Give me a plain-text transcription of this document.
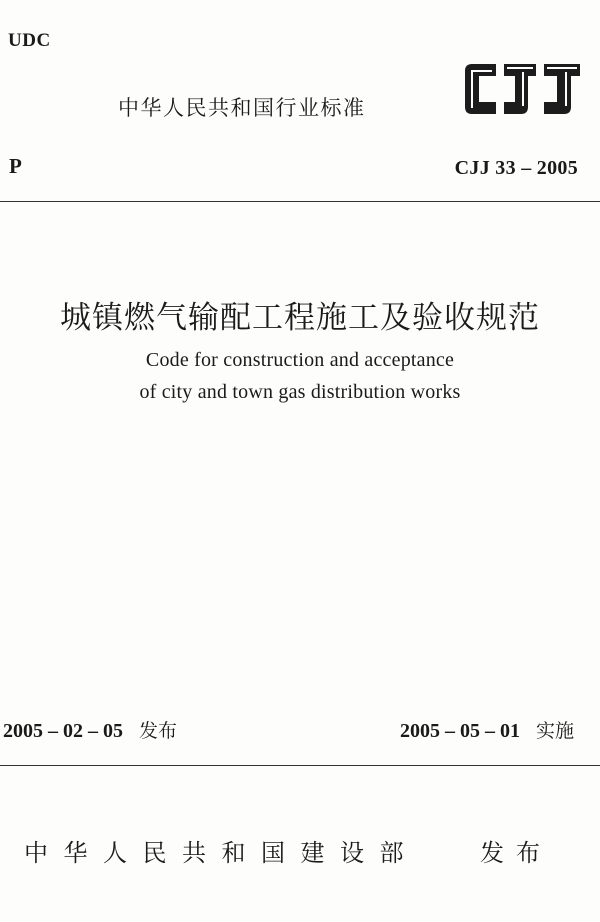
UDC
中华人民共和国行业标准
P	CJJ 33 – 2005
城镇燃气输配工程施工及验收规范
Code for construction and acceptance
of city and town gas distribution works
2005 – 02 – 05 发布	2005 – 05 – 01 实施
中华人民共和国建设部	发布
